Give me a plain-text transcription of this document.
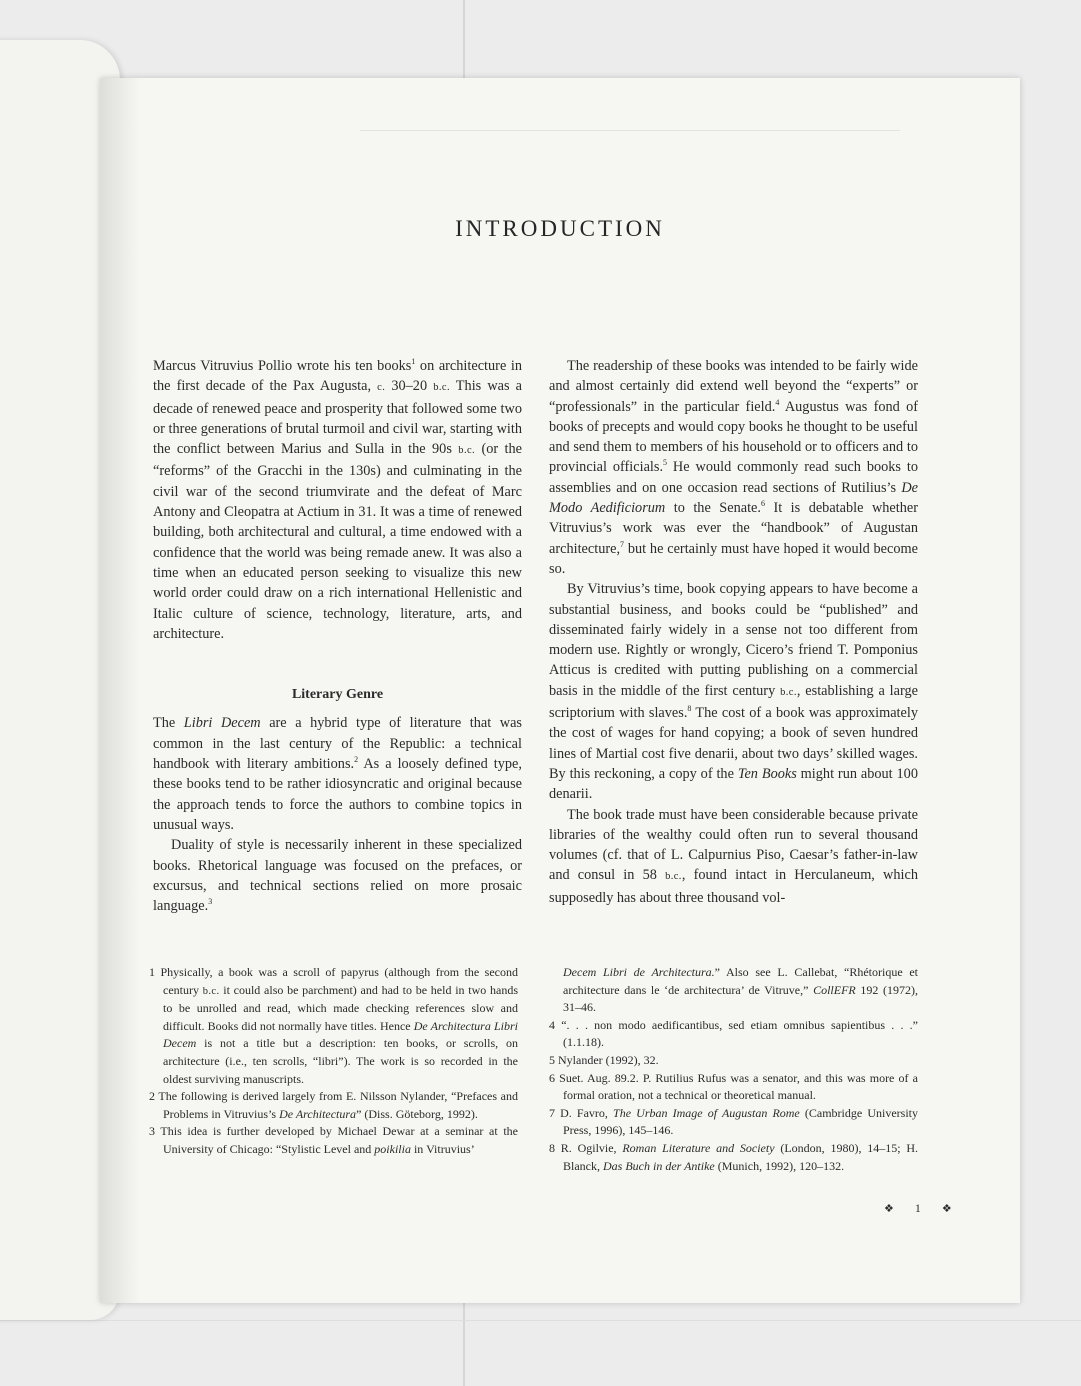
INTRODUCTION

Marcus Vitruvius Pollio wrote his ten books$^1$ on architecture in the first decade of the Pax Augusta, c. 30–20 b.c. This was a decade of renewed peace and prosperity that followed some two or three generations of brutal turmoil and civil war, starting with the conflict between Marius and Sulla in the 90s b.c. (or the “reforms” of the Gracchi in the 130s) and culminating in the civil war of the second triumvirate and the defeat of Marc Antony and Cleopatra at Actium in 31. It was a time of renewed building, both architectural and cultural, a time endowed with a confidence that the world was being remade anew. It was also a time when an educated person seeking to visualize this new world order could draw on a rich international Hellenistic and Italic culture of science, technology, literature, arts, and architecture.

Literary Genre

The Libri Decem are a hybrid type of literature that was common in the last century of the Republic: a technical handbook with literary ambitions.$^2$ As a loosely defined type, these books tend to be rather idiosyncratic and original because the approach tends to force the authors to combine topics in unusual ways.

Duality of style is necessarily inherent in these specialized books. Rhetorical language was focused on the prefaces, or excursus, and technical sections relied on more prosaic language.$^3$

The readership of these books was intended to be fairly wide and almost certainly did extend well beyond the “experts” or “professionals” in the particular field.$^4$ Augustus was fond of books of precepts and would copy books he thought to be useful and send them to members of his household or to officers and to provincial officials.$^5$ He would commonly read such books to assemblies and on one occasion read sections of Rutilius’s De Modo Aedificiorum to the Senate.$^6$ It is debatable whether Vitruvius’s work was ever the “handbook” of Augustan architecture,$^7$ but he certainly must have hoped it would become so.

By Vitruvius’s time, book copying appears to have become a substantial business, and books could be “published” and disseminated fairly widely in a sense not too different from modern use. Rightly or wrongly, Cicero’s friend T. Pomponius Atticus is credited with putting publishing on a commercial basis in the middle of the first century b.c., establishing a large scriptorium with slaves.$^8$ The cost of a book was approximately the cost of wages for hand copying; a book of seven hundred lines of Martial cost five denarii, about two days’ skilled wages. By this reckoning, a copy of the Ten Books might run about 100 denarii.

The book trade must have been considerable because private libraries of the wealthy could often run to several thousand volumes (cf. that of L. Calpurnius Piso, Caesar’s father-in-law and consul in 58 b.c., found intact in Herculaneum, which supposedly has about three thousand vol-

1 Physically, a book was a scroll of papyrus (although from the second century b.c. it could also be parchment) and had to be held in two hands to be unrolled and read, which made checking references slow and difficult. Books did not normally have titles. Hence De Architectura Libri Decem is not a title but a description: ten books, or scrolls, on architecture (i.e., ten scrolls, “libri”). The work is so recorded in the oldest surviving manuscripts.

2 The following is derived largely from E. Nilsson Nylander, “Prefaces and Problems in Vitruvius’s De Architectura” (Diss. Göteborg, 1992).

3 This idea is further developed by Michael Dewar at a seminar at the University of Chicago: “Stylistic Level and poikilia in Vitruvius’

Decem Libri de Architectura.” Also see L. Callebat, “Rhétorique et architecture dans le ‘de architectura’ de Vitruve,” CollEFR 192 (1972), 31–46.

4 “. . . non modo aedificantibus, sed etiam omnibus sapientibus . . .” (1.1.18).

5 Nylander (1992), 32.

6 Suet. Aug. 89.2. P. Rutilius Rufus was a senator, and this was more of a formal oration, not a technical or theoretical manual.

7 D. Favro, The Urban Image of Augustan Rome (Cambridge University Press, 1996), 145–146.

8 R. Ogilvie, Roman Literature and Society (London, 1980), 14–15; H. Blanck, Das Buch in der Antike (Munich, 1992), 120–132.

❖ 1 ❖
